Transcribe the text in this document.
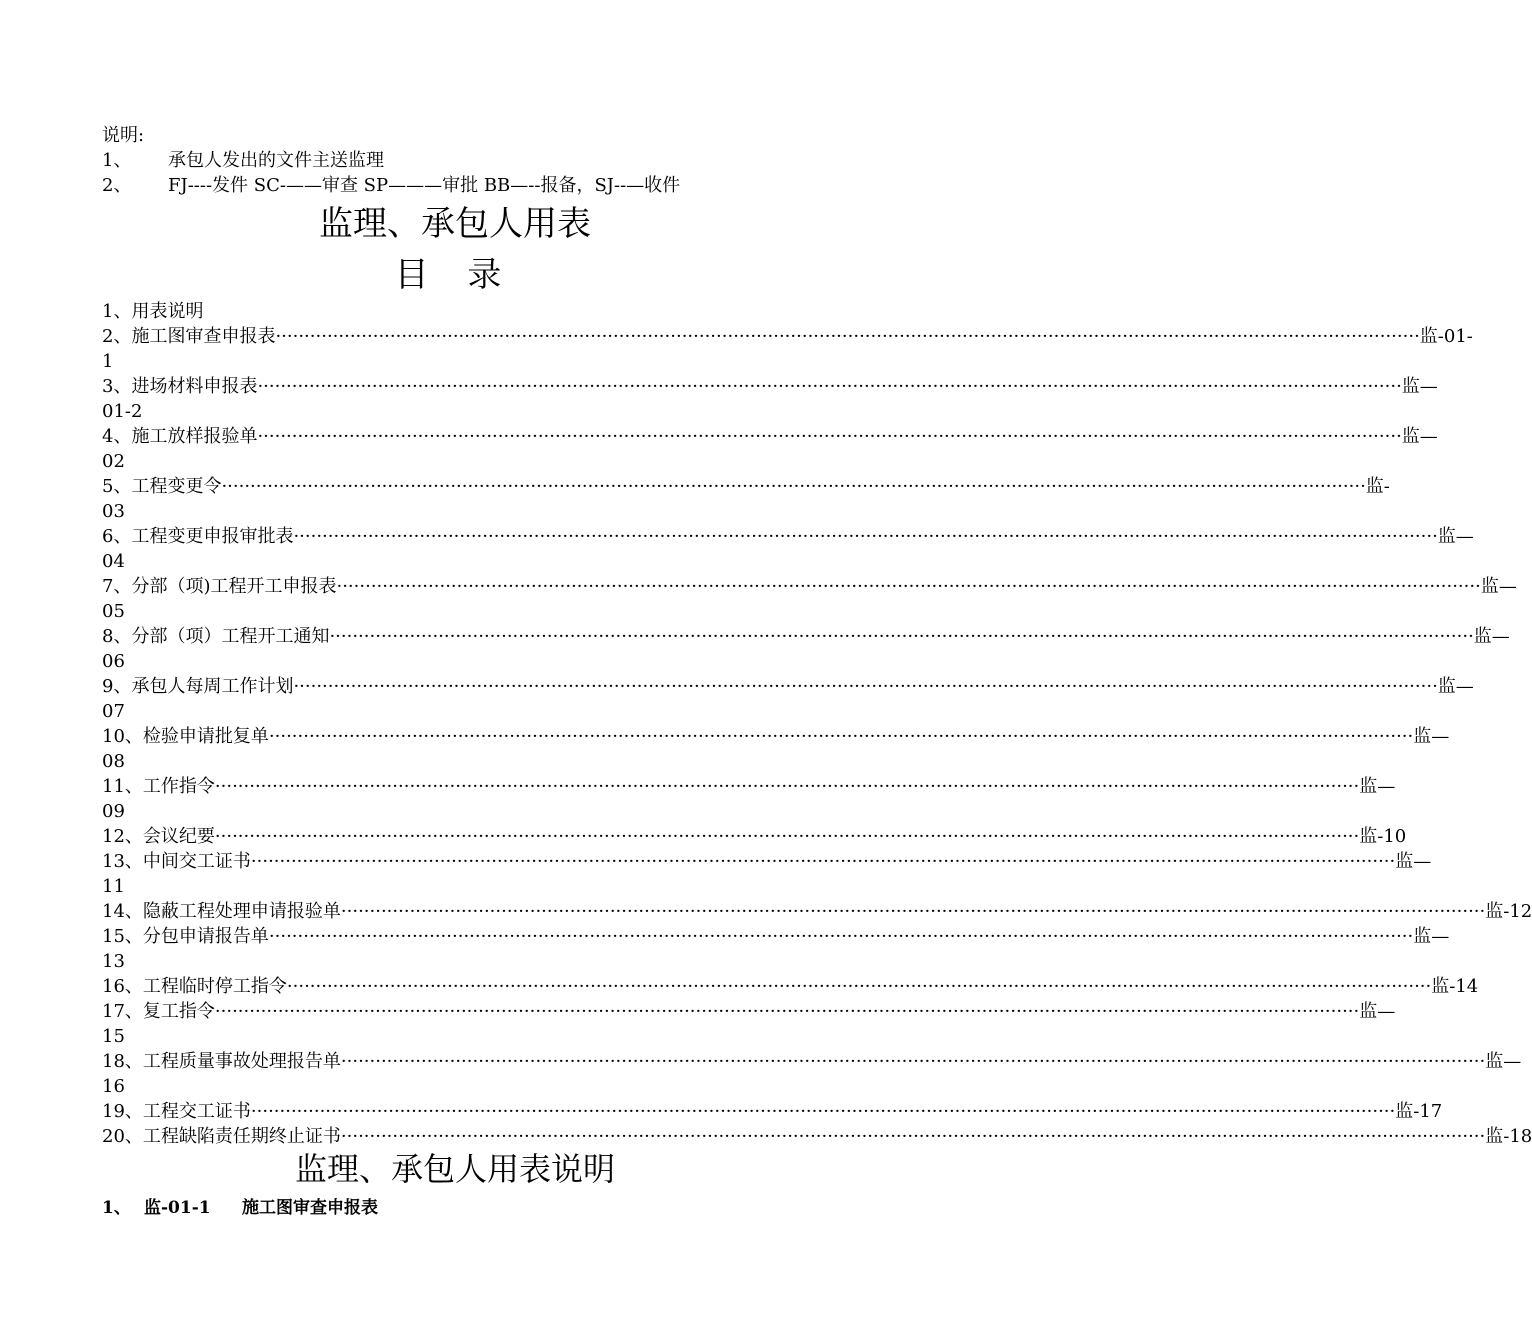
说明:
1、 承包人发出的文件主送监理
2、 FJ----发件 SC-——审查 SP———审批 BB—--报备，SJ--—收件
监理、承包人用表
目 录
1、用表说明
2、施工图审查申报表 ········································································································································································································ 监-01-
1
3、进场材料申报表 ········································································································································································································ 监—
01-2
4、施工放样报验单 ········································································································································································································ 监—
02
5、工程变更令 ········································································································································································································ 监-
03
6、工程变更申报审批表 ········································································································································································································ 监—
04
7、分部（项)工程开工申报表 ········································································································································································································ 监—
05
8、分部（项）工程开工通知 ········································································································································································································ 监—
06
9、承包人每周工作计划 ········································································································································································································ 监—
07
10、检验申请批复单 ········································································································································································································ 监—
08
11、工作指令 ········································································································································································································ 监—
09
12、会议纪要 ········································································································································································································ 监-10
13、中间交工证书 ········································································································································································································ 监—
11
14、隐蔽工程处理申请报验单 ········································································································································································································ 监-12
15、分包申请报告单 ········································································································································································································ 监—
13
16、工程临时停工指令 ········································································································································································································ 监-14
17、复工指令 ········································································································································································································ 监—
15
18、工程质量事故处理报告单 ········································································································································································································ 监—
16
19、工程交工证书 ········································································································································································································ 监-17
20、工程缺陷责任期终止证书 ········································································································································································································ 监-18
监理、承包人用表说明
1、 监-01-1 施工图审查申报表
